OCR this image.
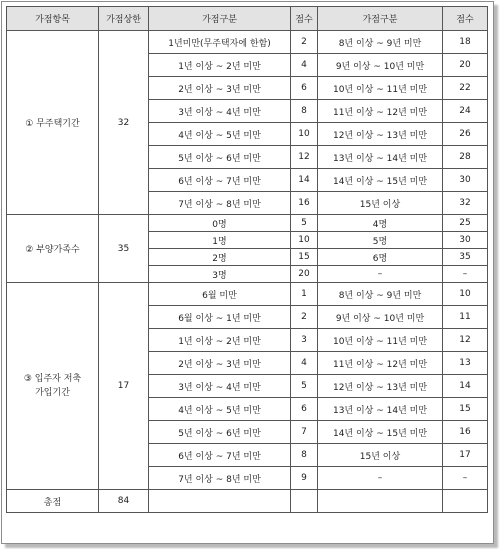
가점항목	가점상한	가점구분	점수	가점구분	점수
① 무주택기간	32	1년미만(무주택자에 한함)	2	8년 이상 ~ 9년 미만	18
		1년 이상 ~ 2년 미만	4	9년 이상 ~ 10년 미만	20
		2년 이상 ~ 3년 미만	6	10년 이상 ~ 11년 미만	22
		3년 이상 ~ 4년 미만	8	11년 이상 ~ 12년 미만	24
		4년 이상 ~ 5년 미만	10	12년 이상 ~ 13년 미만	26
		5년 이상 ~ 6년 미만	12	13년 이상 ~ 14년 미만	28
		6년 이상 ~ 7년 미만	14	14년 이상 ~ 15년 미만	30
		7년 이상 ~ 8년 미만	16	15년 이상	32
② 부양가족수	35	0명	5	4명	25
		1명	10	5명	30
		2명	15	6명	35
		3명	20	–	–
③ 입주자 저축
가입기간	17	6월 미만	1	8년 이상 ~ 9년 미만	10
		6월 이상 ~ 1년 미만	2	9년 이상 ~ 10년 미만	11
		1년 이상 ~ 2년 미만	3	10년 이상 ~ 11년 미만	12
		2년 이상 ~ 3년 미만	4	11년 이상 ~ 12년 미만	13
		3년 이상 ~ 4년 미만	5	12년 이상 ~ 13년 미만	14
		4년 이상 ~ 5년 미만	6	13년 이상 ~ 14년 미만	15
		5년 이상 ~ 6년 미만	7	14년 이상 ~ 15년 미만	16
		6년 이상 ~ 7년 미만	8	15년 이상	17
		7년 이상 ~ 8년 미만	9	–	–
총점	84				
